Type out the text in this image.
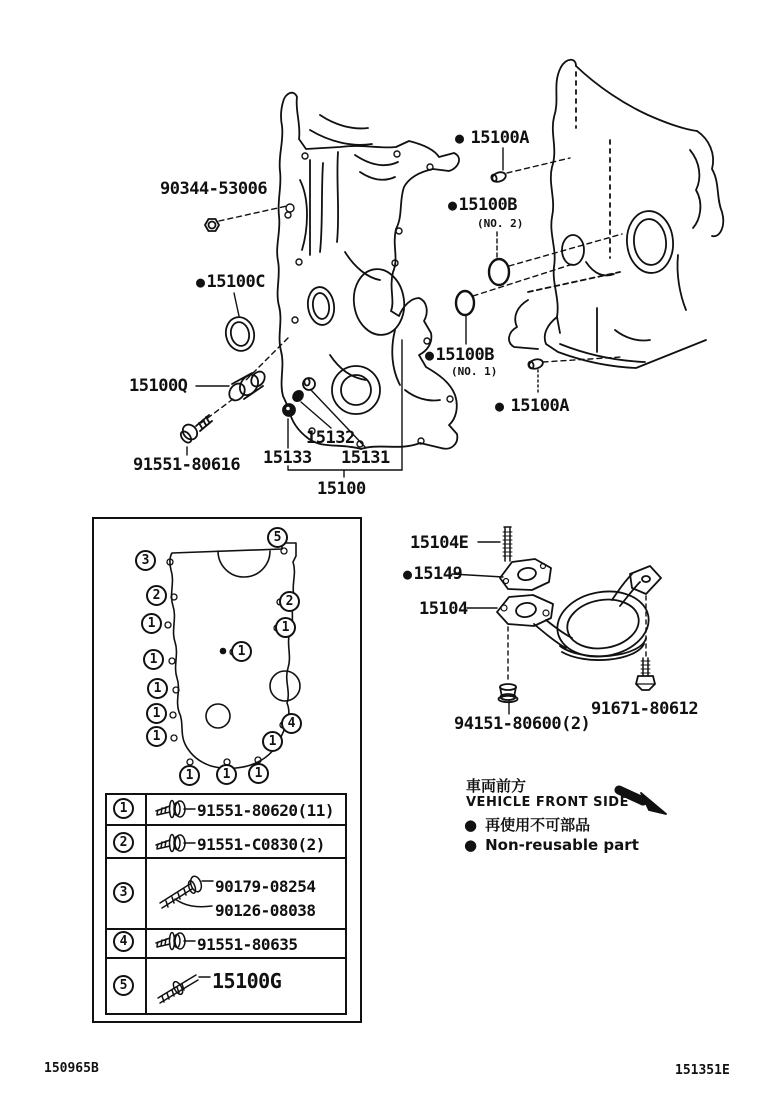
90344-53006
● 15100C
15100Q
91551-80616
15132
15133 15131
15100
● 15100A
● 15100B
(NO. 2)
● 15100B
(NO. 1)
● 15100A
15104E
● 15149
15104
94151-80600(2)
91671-80612
1
2
3
4
5
91551-80620(11)
91551-C0830(2)
90179-08254
90126-08038
91551-80635
15100G
5
3
2
1
1
1
1
1
1 1 1
2
1
1
4
1
車両前方
VEHICLE FRONT SIDE
● 再使用不可部品
● Non-reusable part
150965B	151351E
